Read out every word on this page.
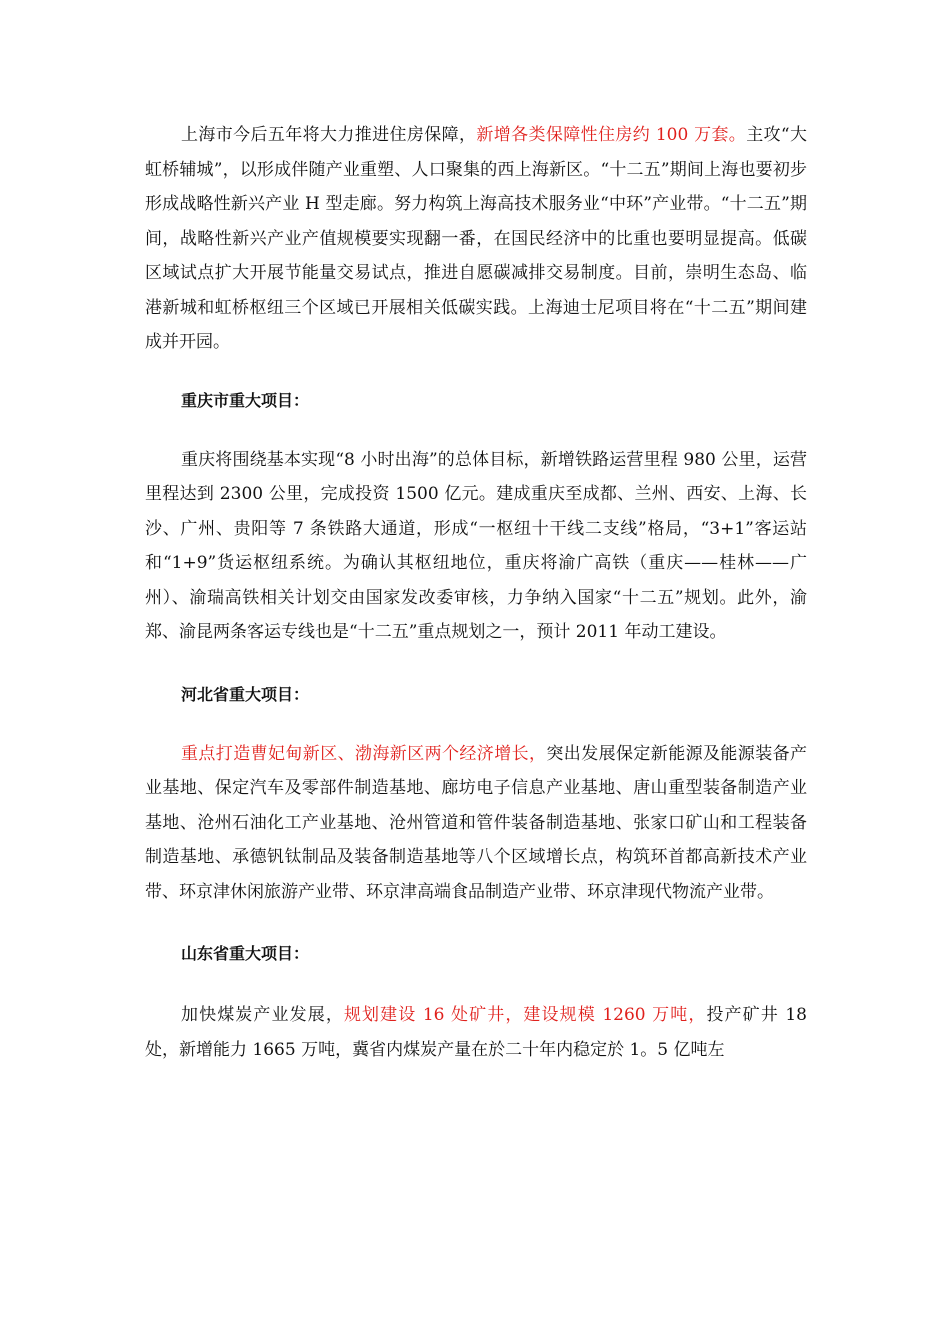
上海市今后五年将大力推进住房保障，新增各类保障性住房约 100 万套。主攻“大虹桥辅城”，以形成伴随产业重塑、人口聚集的西上海新区。“十二五”期间上海也要初步形成战略性新兴产业 H 型走廊。努力构筑上海高技术服务业“中环”产业带。“十二五”期间，战略性新兴产业产值规模要实现翻一番，在国民经济中的比重也要明显提高。低碳区域试点扩大开展节能量交易试点，推进自愿碳减排交易制度。目前，崇明生态岛、临港新城和虹桥枢纽三个区域已开展相关低碳实践。上海迪士尼项目将在“十二五”期间建成并开园。

重庆市重大项目：

重庆将围绕基本实现“8 小时出海”的总体目标，新增铁路运营里程 980 公里，运营里程达到 2300 公里，完成投资 1500 亿元。建成重庆至成都、兰州、西安、上海、长沙、广州、贵阳等 7 条铁路大通道，形成“一枢纽十干线二支线”格局，“3+1”客运站和“1+9”货运枢纽系统。为确认其枢纽地位，重庆将渝广高铁（重庆——桂林——广州）、渝瑞高铁相关计划交由国家发改委审核，力争纳入国家“十二五”规划。此外，渝郑、渝昆两条客运专线也是“十二五”重点规划之一，预计 2011 年动工建设。

河北省重大项目：

重点打造曹妃甸新区、渤海新区两个经济增长，突出发展保定新能源及能源装备产业基地、保定汽车及零部件制造基地、廊坊电子信息产业基地、唐山重型装备制造产业基地、沧州石油化工产业基地、沧州管道和管件装备制造基地、张家口矿山和工程装备制造基地、承德钒钛制品及装备制造基地等八个区域增长点，构筑环首都高新技术产业带、环京津休闲旅游产业带、环京津高端食品制造产业带、环京津现代物流产业带。

山东省重大项目：

加快煤炭产业发展，规划建设 16 处矿井，建设规模 1260 万吨，投产矿井 18 处，新增能力 1665 万吨，冀省内煤炭产量在於二十年内稳定於 1。5 亿吨左
